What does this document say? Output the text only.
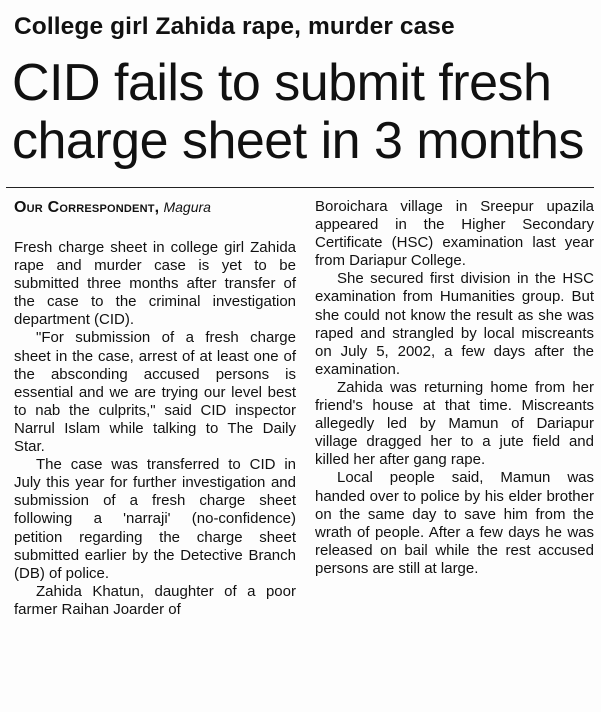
College girl Zahida rape, murder case
CID fails to submit fresh
charge sheet in 3 months
Our Correspondent, Magura

Fresh charge sheet in college girl Zahida rape and murder case is yet to be submitted three months after transfer of the case to the criminal investigation department (CID).

"For submission of a fresh charge sheet in the case, arrest of at least one of the absconding accused persons is essential and we are trying our level best to nab the culprits," said CID inspector Narrul Islam while talking to The Daily Star.

The case was transferred to CID in July this year for further investigation and submission of a fresh charge sheet following a 'narraji' (no-confidence) petition regarding the charge sheet submitted earlier by the Detective Branch (DB) of police.

Zahida Khatun, daughter of a poor farmer Raihan Joarder of

Boroichara village in Sreepur upazila appeared in the Higher Secondary Certificate (HSC) examination last year from Dariapur College.

She secured first division in the HSC examination from Humanities group. But she could not know the result as she was raped and strangled by local miscreants on July 5, 2002, a few days after the examination.

Zahida was returning home from her friend's house at that time. Miscreants allegedly led by Mamun of Dariapur village dragged her to a jute field and killed her after gang rape.

Local people said, Mamun was handed over to police by his elder brother on the same day to save him from the wrath of people. After a few days he was released on bail while the rest accused persons are still at large.
